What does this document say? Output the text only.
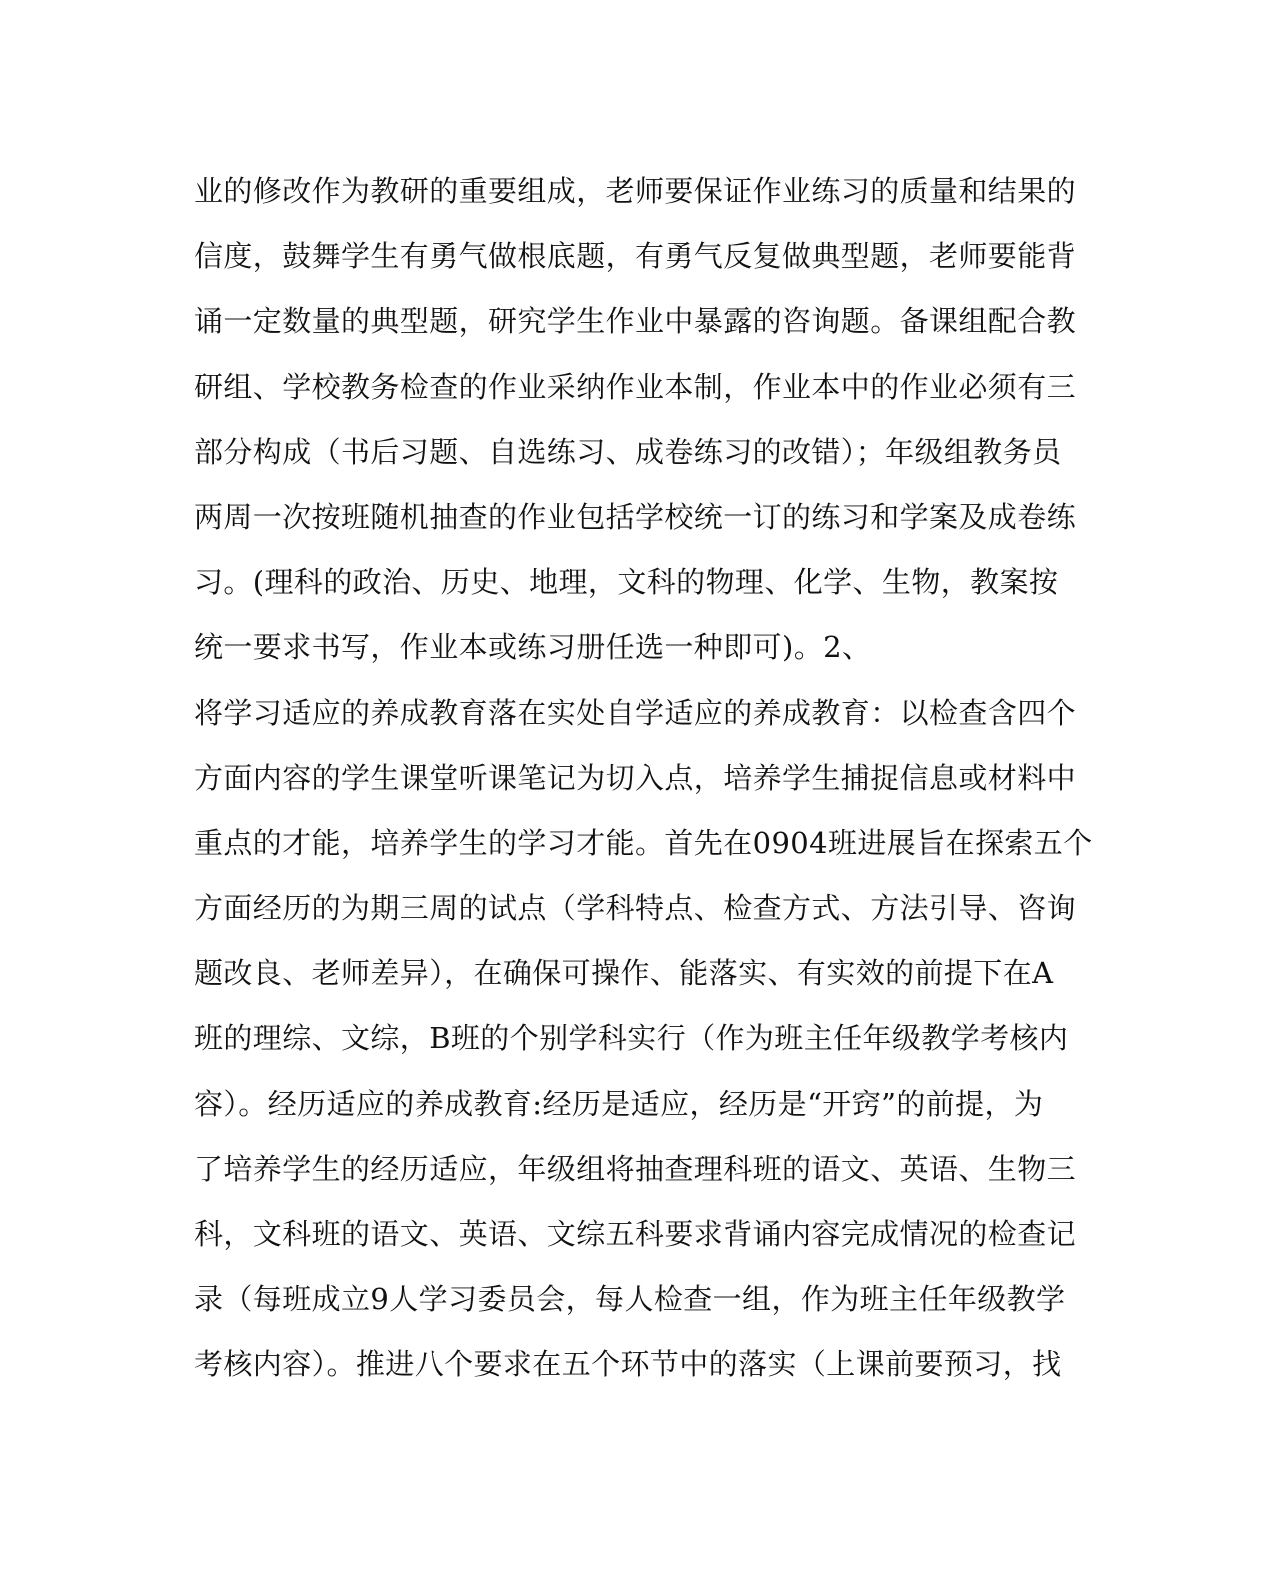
业的修改作为教研的重要组成，老师要保证作业练习的质量和结果的
信度，鼓舞学生有勇气做根底题，有勇气反复做典型题，老师要能背
诵一定数量的典型题，研究学生作业中暴露的咨询题。备课组配合教
研组、学校教务检查的作业采纳作业本制，作业本中的作业必须有三
部分构成（书后习题、自选练习、成卷练习的改错）；年级组教务员
两周一次按班随机抽查的作业包括学校统一订的练习和学案及成卷练
习。(理科的政治、历史、地理，文科的物理、化学、生物，教案按
统一要求书写，作业本或练习册任选一种即可)。2、
将学习适应的养成教育落在实处自学适应的养成教育：以检查含四个
方面内容的学生课堂听课笔记为切入点，培养学生捕捉信息或材料中
重点的才能，培养学生的学习才能。首先在0904班进展旨在探索五个
方面经历的为期三周的试点（学科特点、检查方式、方法引导、咨询
题改良、老师差异），在确保可操作、能落实、有实效的前提下在A
班的理综、文综，B班的个别学科实行（作为班主任年级教学考核内
容）。经历适应的养成教育:经历是适应，经历是“开窍”的前提，为
了培养学生的经历适应，年级组将抽查理科班的语文、英语、生物三
科，文科班的语文、英语、文综五科要求背诵内容完成情况的检查记
录（每班成立9人学习委员会，每人检查一组，作为班主任年级教学
考核内容）。推进八个要求在五个环节中的落实（上课前要预习，找
